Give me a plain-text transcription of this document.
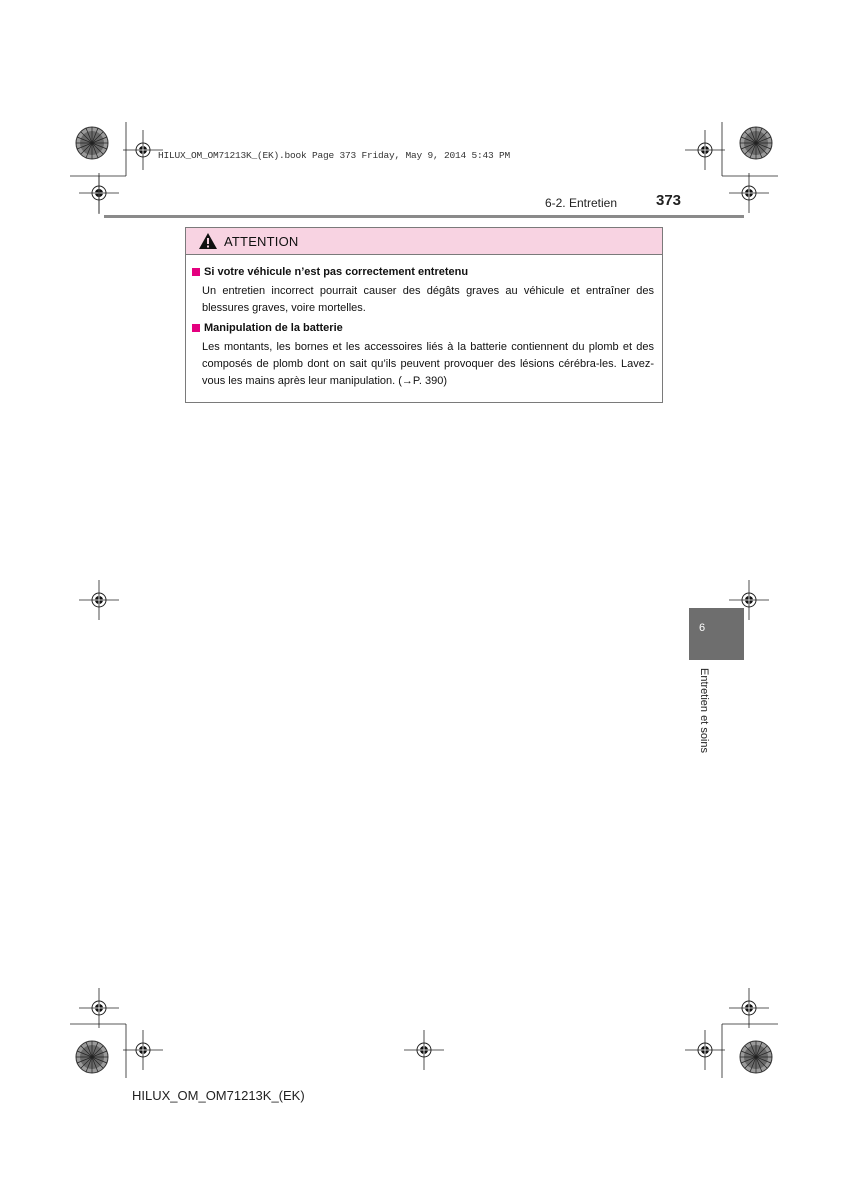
HILUX_OM_OM71213K_(EK).book Page 373 Friday, May 9, 2014 5:43 PM
6-2. Entretien	373
ATTENTION
Si votre véhicule n’est pas correctement entretenu
Un entretien incorrect pourrait causer des dégâts graves au véhicule et entraîner des blessures graves, voire mortelles.
Manipulation de la batterie
Les montants, les bornes et les accessoires liés à la batterie contiennent du plomb et des composés de plomb dont on sait qu’ils peuvent provoquer des lésions cérébra-les. Lavez-vous les mains après leur manipulation. (→P. 390)
6
Entretien et soins
HILUX_OM_OM71213K_(EK)
